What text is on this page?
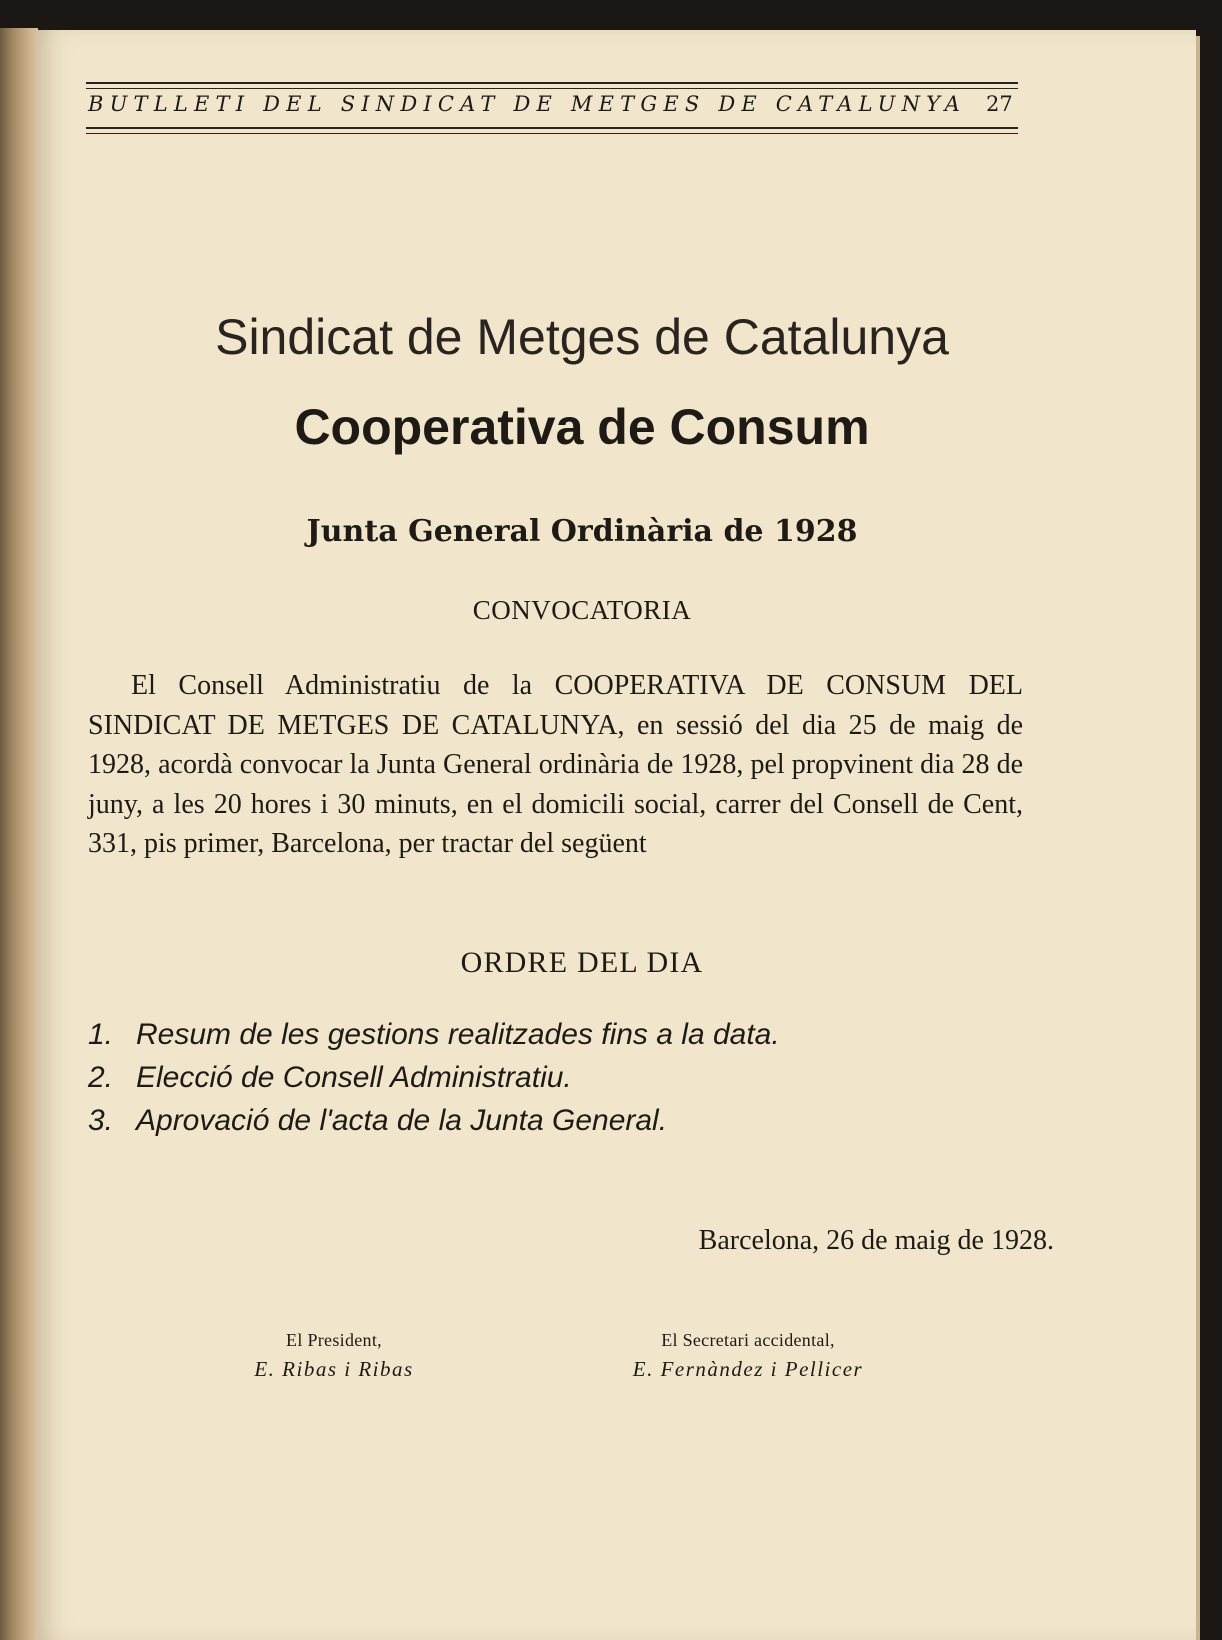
BUTLLETI DEL SINDICAT DE METGES DE CATALUNYA 27
Sindicat de Metges de Catalunya
Cooperativa de Consum
Junta General Ordinària de 1928
CONVOCATORIA

El Consell Administratiu de la COOPERATIVA DE CONSUM DEL SINDICAT DE METGES DE CATALUNYA, en sessió del dia 25 de maig de 1928, acordà convocar la Junta General ordinària de 1928, pel propvinent dia 28 de juny, a les 20 hores i 30 minuts, en el domicili social, carrer del Consell de Cent, 331, pis primer, Barcelona, per tractar del següent

ORDRE DEL DIA
1. Resum de les gestions realitzades fins a la data.
2. Elecció de Consell Administratiu.
3. Aprovació de l'acta de la Junta General.
Barcelona, 26 de maig de 1928.
El President,
E. Ribas i Ribas
El Secretari accidental,
E. Fernàndez i Pellicer
